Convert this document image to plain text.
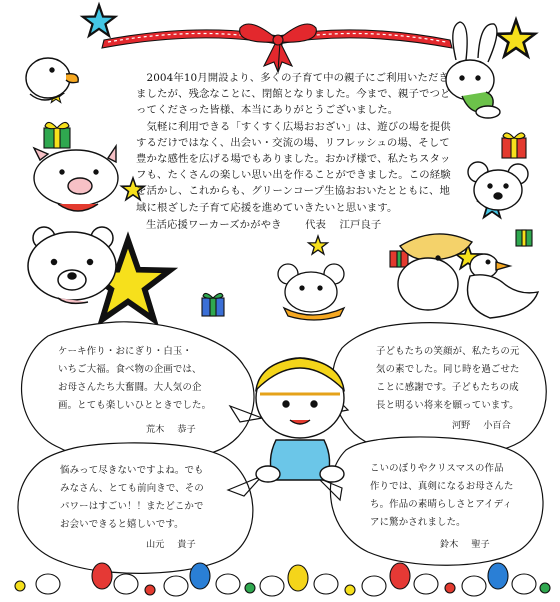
　2004年10月開設より、多くの子育て中の親子にご利用いただきましたが、残念なことに、閉館となりました。今まで、親子でつどってくださった皆様、本当にありがとうございました。

　気軽に利用できる「すくすく広場おおざい」は、遊びの場を提供するだけではなく、出会い・交流の場、リフレッシュの場、そして豊かな感性を広げる場でもありました。おかげ様で、私たちスタッフも、たくさんの楽しい思い出を作ることができました。この経験を活かし、これからも、グリーンコープ生協おおいたとともに、地域に根ざした子育て応援を進めていきたいと思います。

生活応援ワーカーズかがやき 代表 江戸良子

ケーキ作り・おにぎり・白玉・

いちご大福。食べ物の企画では、

お母さんたち大奮闘。大人気の企

画。とても楽しいひとときでした。

荒木 恭子

子どもたちの笑顔が、私たちの元

気の素でした。同じ時を過ごせた

ことに感謝です。子どもたちの成

長と明るい将来を願っています。

河野 小百合

悩みって尽きないですよね。でも

みなさん、とても前向きで、その

パワーはすごい！！またどこかで

お会いできると嬉しいです。

山元 貴子

こいのぼりやクリスマスの作品

作りでは、真剣になるお母さんた

ち。作品の素晴らしさとアイディ

アに驚かされました。

鈴木 聖子
